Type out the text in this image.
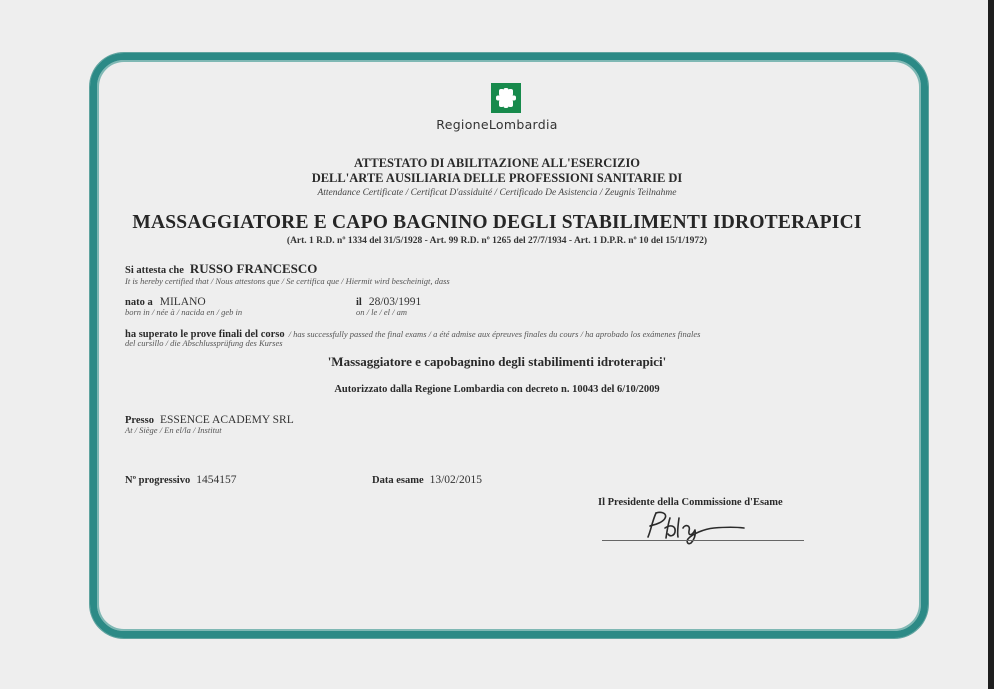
RegioneLombardia
ATTESTATO DI ABILITAZIONE ALL'ESERCIZIO
DELL'ARTE AUSILIARIA DELLE PROFESSIONI SANITARIE DI
Attendance Certificate / Certificat D'assiduité / Certificado De Asistencia / Zeugnis Teilnahme
MASSAGGIATORE E CAPO BAGNINO DEGLI STABILIMENTI IDROTERAPICI
(Art. 1 R.D. nº 1334 del 31/5/1928 - Art. 99 R.D. nº 1265 del 27/7/1934 - Art. 1 D.P.R. nº 10 del 15/1/1972)
Si attesta che RUSSO FRANCESCO
It is hereby certified that / Nous attestons que / Se certifica que / Hiermit wird bescheinigt, dass
nato a MILANO
born in / née à / nacida en / geb in
il 28/03/1991
on / le / el / am
ha superato le prove finali del corso / has successfully passed the final exams / a été admise aux épreuves finales du cours / ha aprobado los exámenes finales
del cursillo / die Abschlussprüfung des Kurses
'Massaggiatore e capobagnino degli stabilimenti idroterapici'
Autorizzato dalla Regione Lombardia con decreto n. 10043 del 6/10/2009
Presso ESSENCE ACADEMY SRL
At / Siège / En el/la / Institut
Nº progressivo 1454157	Data esame 13/02/2015
Il Presidente della Commissione d'Esame
